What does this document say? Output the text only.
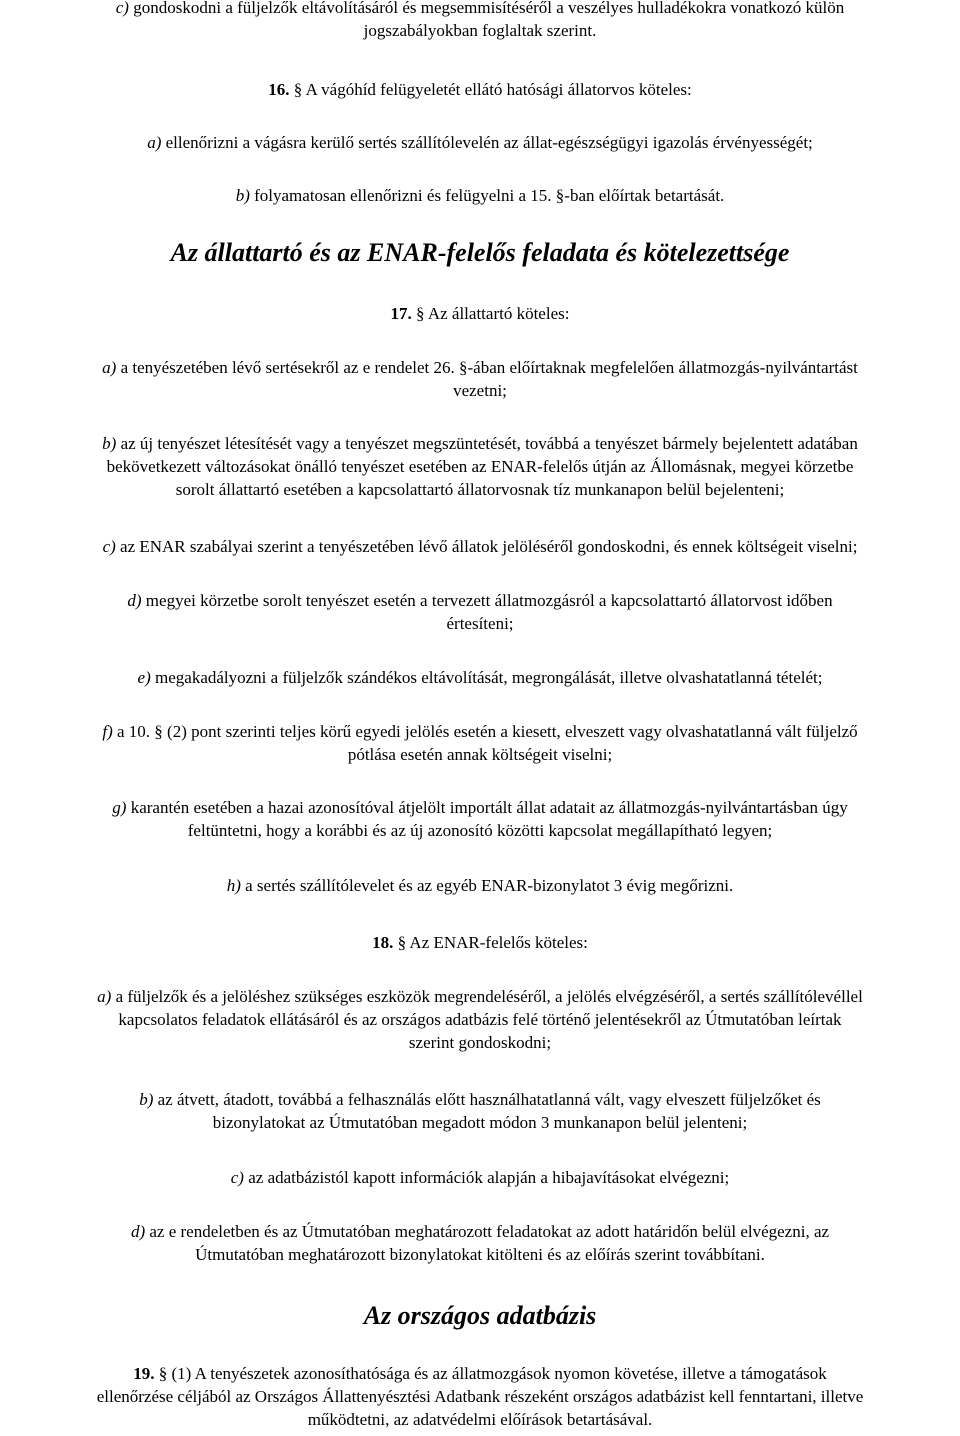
c) gondoskodni a füljelzők eltávolításáról és megsemmisítéséről a veszélyes hulladékokra vonatkozó külön
jogszabályokban foglaltak szerint.

16. § A vágóhíd felügyeletét ellátó hatósági állatorvos köteles:

a) ellenőrizni a vágásra kerülő sertés szállítólevelén az állat-egészségügyi igazolás érvényességét;

b) folyamatosan ellenőrizni és felügyelni a 15. §-ban előírtak betartását.

Az állattartó és az ENAR-felelős feladata és kötelezettsége

17. § Az állattartó köteles:

a) a tenyészetében lévő sertésekről az e rendelet 26. §-ában előírtaknak megfelelően állatmozgás-nyilvántartást
vezetni;

b) az új tenyészet létesítését vagy a tenyészet megszüntetését, továbbá a tenyészet bármely bejelentett adatában
bekövetkezett változásokat önálló tenyészet esetében az ENAR-felelős útján az Állomásnak, megyei körzetbe
sorolt állattartó esetében a kapcsolattartó állatorvosnak tíz munkanapon belül bejelenteni;

c) az ENAR szabályai szerint a tenyészetében lévő állatok jelöléséről gondoskodni, és ennek költségeit viselni;

d) megyei körzetbe sorolt tenyészet esetén a tervezett állatmozgásról a kapcsolattartó állatorvost időben
értesíteni;

e) megakadályozni a füljelzők szándékos eltávolítását, megrongálását, illetve olvashatatlanná tételét;

f) a 10. § (2) pont szerinti teljes körű egyedi jelölés esetén a kiesett, elveszett vagy olvashatatlanná vált füljelző
pótlása esetén annak költségeit viselni;

g) karantén esetében a hazai azonosítóval átjelölt importált állat adatait az állatmozgás-nyilvántartásban úgy
feltüntetni, hogy a korábbi és az új azonosító közötti kapcsolat megállapítható legyen;

h) a sertés szállítólevelet és az egyéb ENAR-bizonylatot 3 évig megőrizni.

18. § Az ENAR-felelős köteles:

a) a füljelzők és a jelöléshez szükséges eszközök megrendeléséről, a jelölés elvégzéséről, a sertés szállítólevéllel
kapcsolatos feladatok ellátásáról és az országos adatbázis felé történő jelentésekről az Útmutatóban leírtak
szerint gondoskodni;

b) az átvett, átadott, továbbá a felhasználás előtt használhatatlanná vált, vagy elveszett füljelzőket és
bizonylatokat az Útmutatóban megadott módon 3 munkanapon belül jelenteni;

c) az adatbázistól kapott információk alapján a hibajavításokat elvégezni;

d) az e rendeletben és az Útmutatóban meghatározott feladatokat az adott határidőn belül elvégezni, az
Útmutatóban meghatározott bizonylatokat kitölteni és az előírás szerint továbbítani.

Az országos adatbázis

19. § (1) A tenyészetek azonosíthatósága és az állatmozgások nyomon követése, illetve a támogatások
ellenőrzése céljából az Országos Állattenyésztési Adatbank részeként országos adatbázist kell fenntartani, illetve
működtetni, az adatvédelmi előírások betartásával.
